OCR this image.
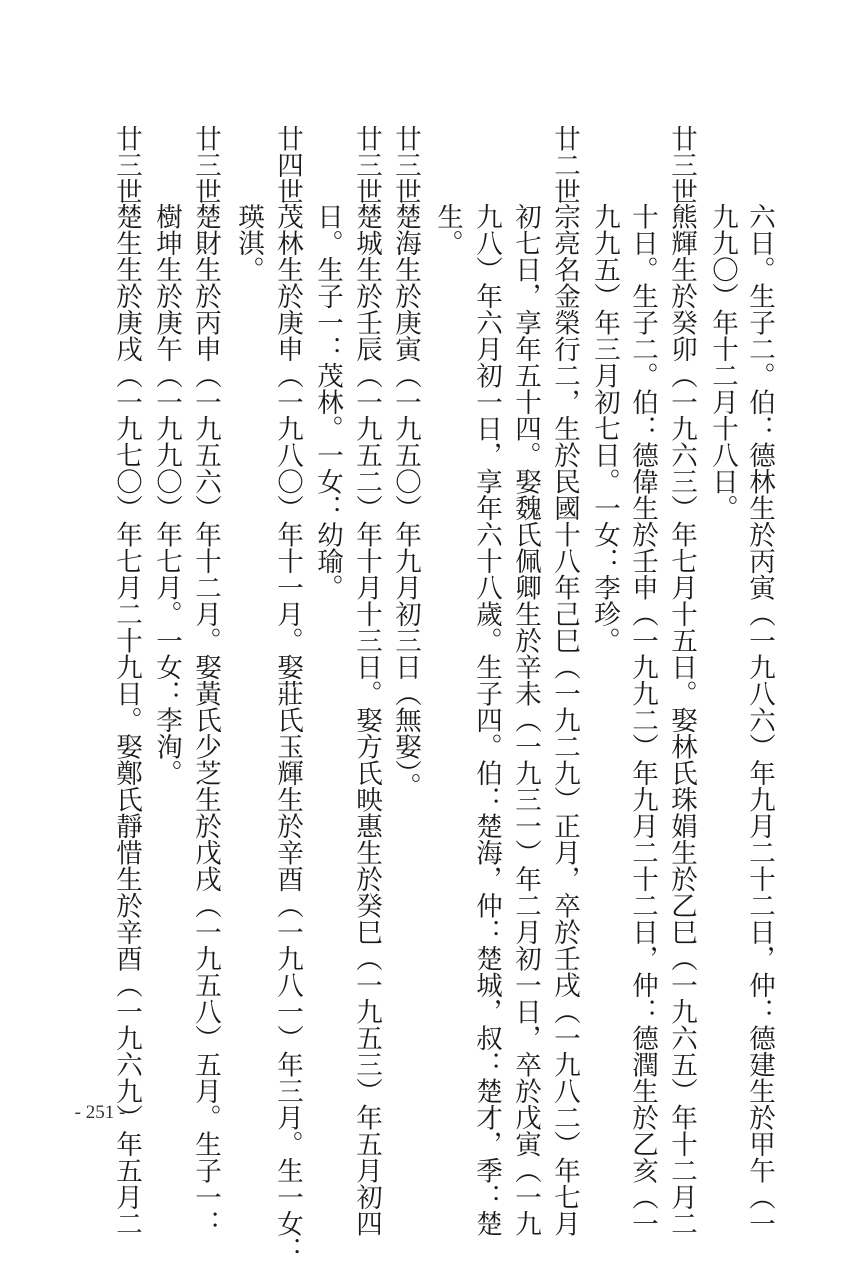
六日。生子二。伯：德林生於丙寅（一九八六）年九月二十二日，仲：德建生於甲午（一
九九〇）年十二月十八日。
廿三世
熊輝生於癸卯（一九六三）年七月十五日。娶林氏珠娟生於乙巳（一九六五）年十二月二
十日。生子二。伯：德偉生於壬申（一九九二）年九月二十二日，仲：德潤生於乙亥（一
九九五）年三月初七日。一女：李珍。
廿二世
宗亮名金榮行二，生於民國十八年己巳（一九二九）正月，卒於壬戌（一九八二）年七月
初七日，享年五十四。娶魏氏佩卿生於辛未（一九三一）年二月初一日，卒於戊寅（一九
九八）年六月初一日，享年六十八歲。生子四。伯：楚海，仲：楚城，叔：楚才，季：楚
生。
廿三世
楚海生於庚寅（一九五〇）年九月初三日（無娶）。
廿三世
楚城生於壬辰（一九五二）年十月十三日。娶方氏映惠生於癸巳（一九五三）年五月初四
日。生子一：茂林。一女：幼瑜。
廿四世
茂林生於庚申（一九八〇）年十一月。娶莊氏玉輝生於辛酉（一九八一）年三月。生一女：
瑛淇。
廿三世
楚財生於丙申（一九五六）年十二月。娶黃氏少芝生於戊戌（一九五八）五月。生子一：
樹坤生於庚午（一九九〇）年七月。一女：李洵。
廿三世
楚生生於庚戌（一九七〇）年七月二十九日。娶鄭氏靜惜生於辛酉（一九六九）年五月二
- 251 -
